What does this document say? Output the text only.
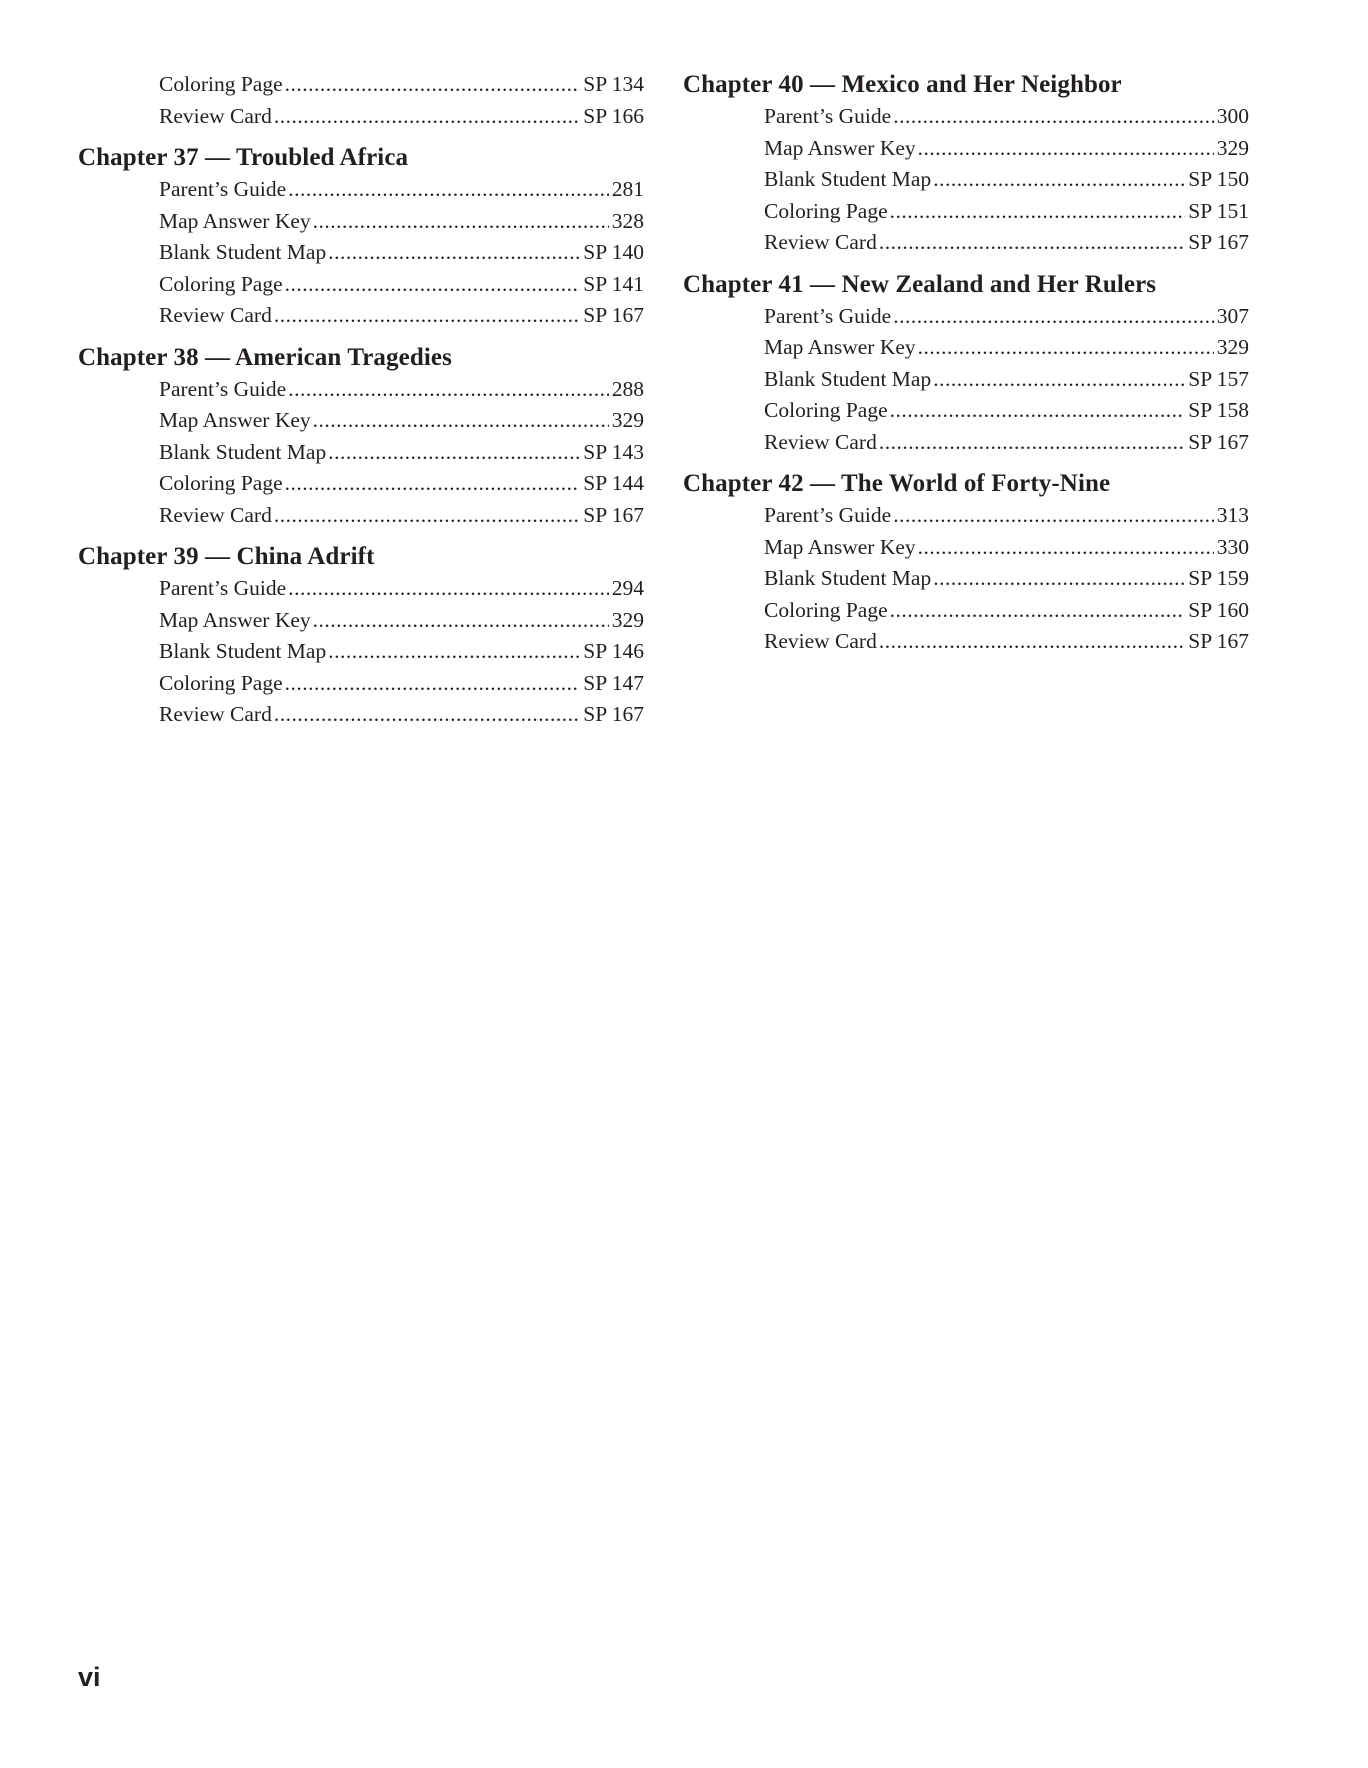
Coloring Page .....	SP 134
Review Card .....	SP 166
Chapter 37 — Troubled Africa
Parent’s Guide .....	281
Map Answer Key .....	328
Blank Student Map .....	SP 140
Coloring Page .....	SP 141
Review Card .....	SP 167
Chapter 38 — American Tragedies
Parent’s Guide .....	288
Map Answer Key .....	329
Blank Student Map .....	SP 143
Coloring Page .....	SP 144
Review Card .....	SP 167
Chapter 39 — China Adrift
Parent’s Guide .....	294
Map Answer Key .....	329
Blank Student Map .....	SP 146
Coloring Page .....	SP 147
Review Card .....	SP 167
Chapter 40 — Mexico and Her Neighbor
Parent’s Guide .....	300
Map Answer Key .....	329
Blank Student Map .....	SP 150
Coloring Page .....	SP 151
Review Card .....	SP 167
Chapter 41 — New Zealand and Her Rulers
Parent’s Guide .....	307
Map Answer Key .....	329
Blank Student Map .....	SP 157
Coloring Page .....	SP 158
Review Card .....	SP 167
Chapter 42 — The World of Forty-Nine
Parent’s Guide .....	313
Map Answer Key .....	330
Blank Student Map .....	SP 159
Coloring Page .....	SP 160
Review Card .....	SP 167
vi
